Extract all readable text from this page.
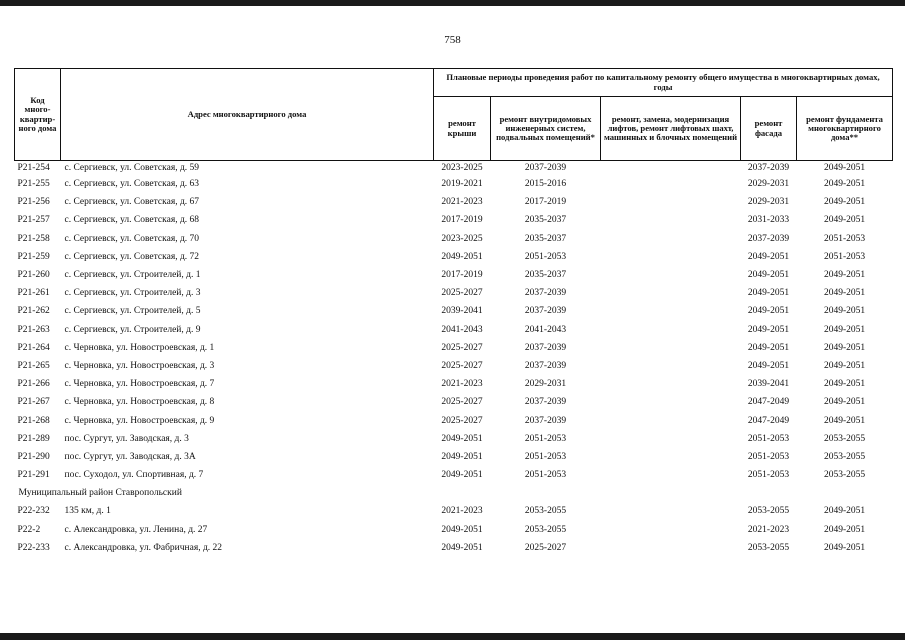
758
Код много-квартир-ного дома	Адрес многоквартирного дома	Плановые периоды проведения работ по капитальному ремонту общего имущества в многоквартирных домах, годы				
		ремонт крыши	ремонт внутридомовых инженерных систем, подвальных помещений*	ремонт, замена, модернизация лифтов, ремонт лифтовых шахт, машинных и блочных помещений	ремонт фасада	ремонт фундамента многоквартирного дома**
P21-254	с. Сергиевск, ул. Советская, д. 59	2023-2025	2037-2039		2037-2039	2049-2051
P21-255	с. Сергиевск, ул. Советская, д. 63	2019-2021	2015-2016		2029-2031	2049-2051
P21-256	с. Сергиевск, ул. Советская, д. 67	2021-2023	2017-2019		2029-2031	2049-2051
P21-257	с. Сергиевск, ул. Советская, д. 68	2017-2019	2035-2037		2031-2033	2049-2051
P21-258	с. Сергиевск, ул. Советская, д. 70	2023-2025	2035-2037		2037-2039	2051-2053
P21-259	с. Сергиевск, ул. Советская, д. 72	2049-2051	2051-2053		2049-2051	2051-2053
P21-260	с. Сергиевск, ул. Строителей, д. 1	2017-2019	2035-2037		2049-2051	2049-2051
P21-261	с. Сергиевск, ул. Строителей, д. 3	2025-2027	2037-2039		2049-2051	2049-2051
P21-262	с. Сергиевск, ул. Строителей, д. 5	2039-2041	2037-2039		2049-2051	2049-2051
P21-263	с. Сергиевск, ул. Строителей, д. 9	2041-2043	2041-2043		2049-2051	2049-2051
P21-264	с. Черновка, ул. Новостроевская, д. 1	2025-2027	2037-2039		2049-2051	2049-2051
P21-265	с. Черновка, ул. Новостроевская, д. 3	2025-2027	2037-2039		2049-2051	2049-2051
P21-266	с. Черновка, ул. Новостроевская, д. 7	2021-2023	2029-2031		2039-2041	2049-2051
P21-267	с. Черновка, ул. Новостроевская, д. 8	2025-2027	2037-2039		2047-2049	2049-2051
P21-268	с. Черновка, ул. Новостроевская, д. 9	2025-2027	2037-2039		2047-2049	2049-2051
P21-289	пос. Сургут, ул. Заводская, д. 3	2049-2051	2051-2053		2051-2053	2053-2055
P21-290	пос. Сургут, ул. Заводская, д. 3А	2049-2051	2051-2053		2051-2053	2053-2055
P21-291	пос. Суходол, ул. Спортивная, д. 7	2049-2051	2051-2053		2051-2053	2053-2055
Муниципальный район Ставропольский						
P22-232	135 км, д. 1	2021-2023	2053-2055		2053-2055	2049-2051
P22-2	с. Александровка, ул. Ленина, д. 27	2049-2051	2053-2055		2021-2023	2049-2051
P22-233	с. Александровка, ул. Фабричная, д. 22	2049-2051	2025-2027		2053-2055	2049-2051
